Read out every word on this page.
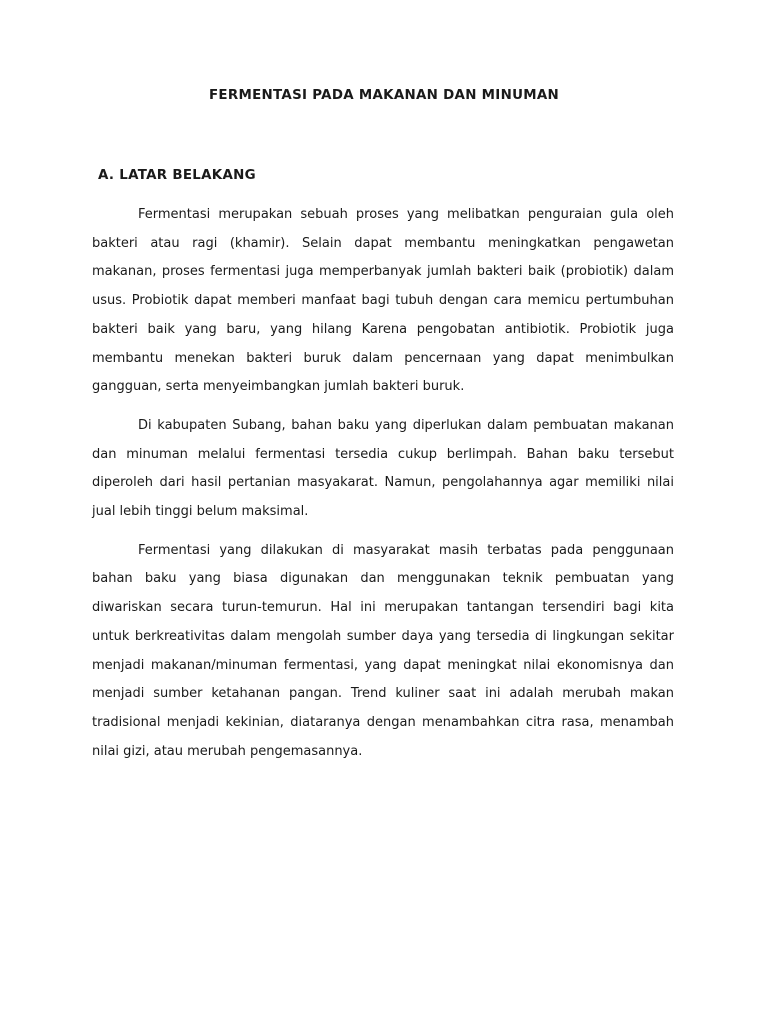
FERMENTASI PADA MAKANAN DAN MINUMAN
A. LATAR BELAKANG

Fermentasi merupakan sebuah proses yang melibatkan penguraian gula oleh bakteri atau ragi (khamir). Selain dapat membantu meningkatkan pengawetan makanan, proses fermentasi juga memperbanyak jumlah bakteri baik (probiotik) dalam usus. Probiotik dapat memberi manfaat bagi tubuh dengan cara memicu pertumbuhan bakteri baik yang baru, yang hilang Karena pengobatan antibiotik. Probiotik juga membantu menekan bakteri buruk dalam pencernaan yang dapat menimbulkan gangguan, serta menyeimbangkan jumlah bakteri buruk.

Di kabupaten Subang, bahan baku yang diperlukan dalam pembuatan makanan dan minuman melalui fermentasi tersedia cukup berlimpah. Bahan baku tersebut diperoleh dari hasil pertanian masyakarat. Namun, pengolahannya agar memiliki nilai jual lebih tinggi belum maksimal.

Fermentasi yang dilakukan di masyarakat masih terbatas pada penggunaan bahan baku yang biasa digunakan dan menggunakan teknik pembuatan yang diwariskan secara turun-temurun. Hal ini merupakan tantangan tersendiri bagi kita untuk berkreativitas dalam mengolah sumber daya yang tersedia di lingkungan sekitar menjadi makanan/minuman fermentasi, yang dapat meningkat nilai ekonomisnya dan menjadi sumber ketahanan pangan. Trend kuliner saat ini adalah merubah makan tradisional menjadi kekinian, diataranya dengan menambahkan citra rasa, menambah nilai gizi, atau merubah pengemasannya.
